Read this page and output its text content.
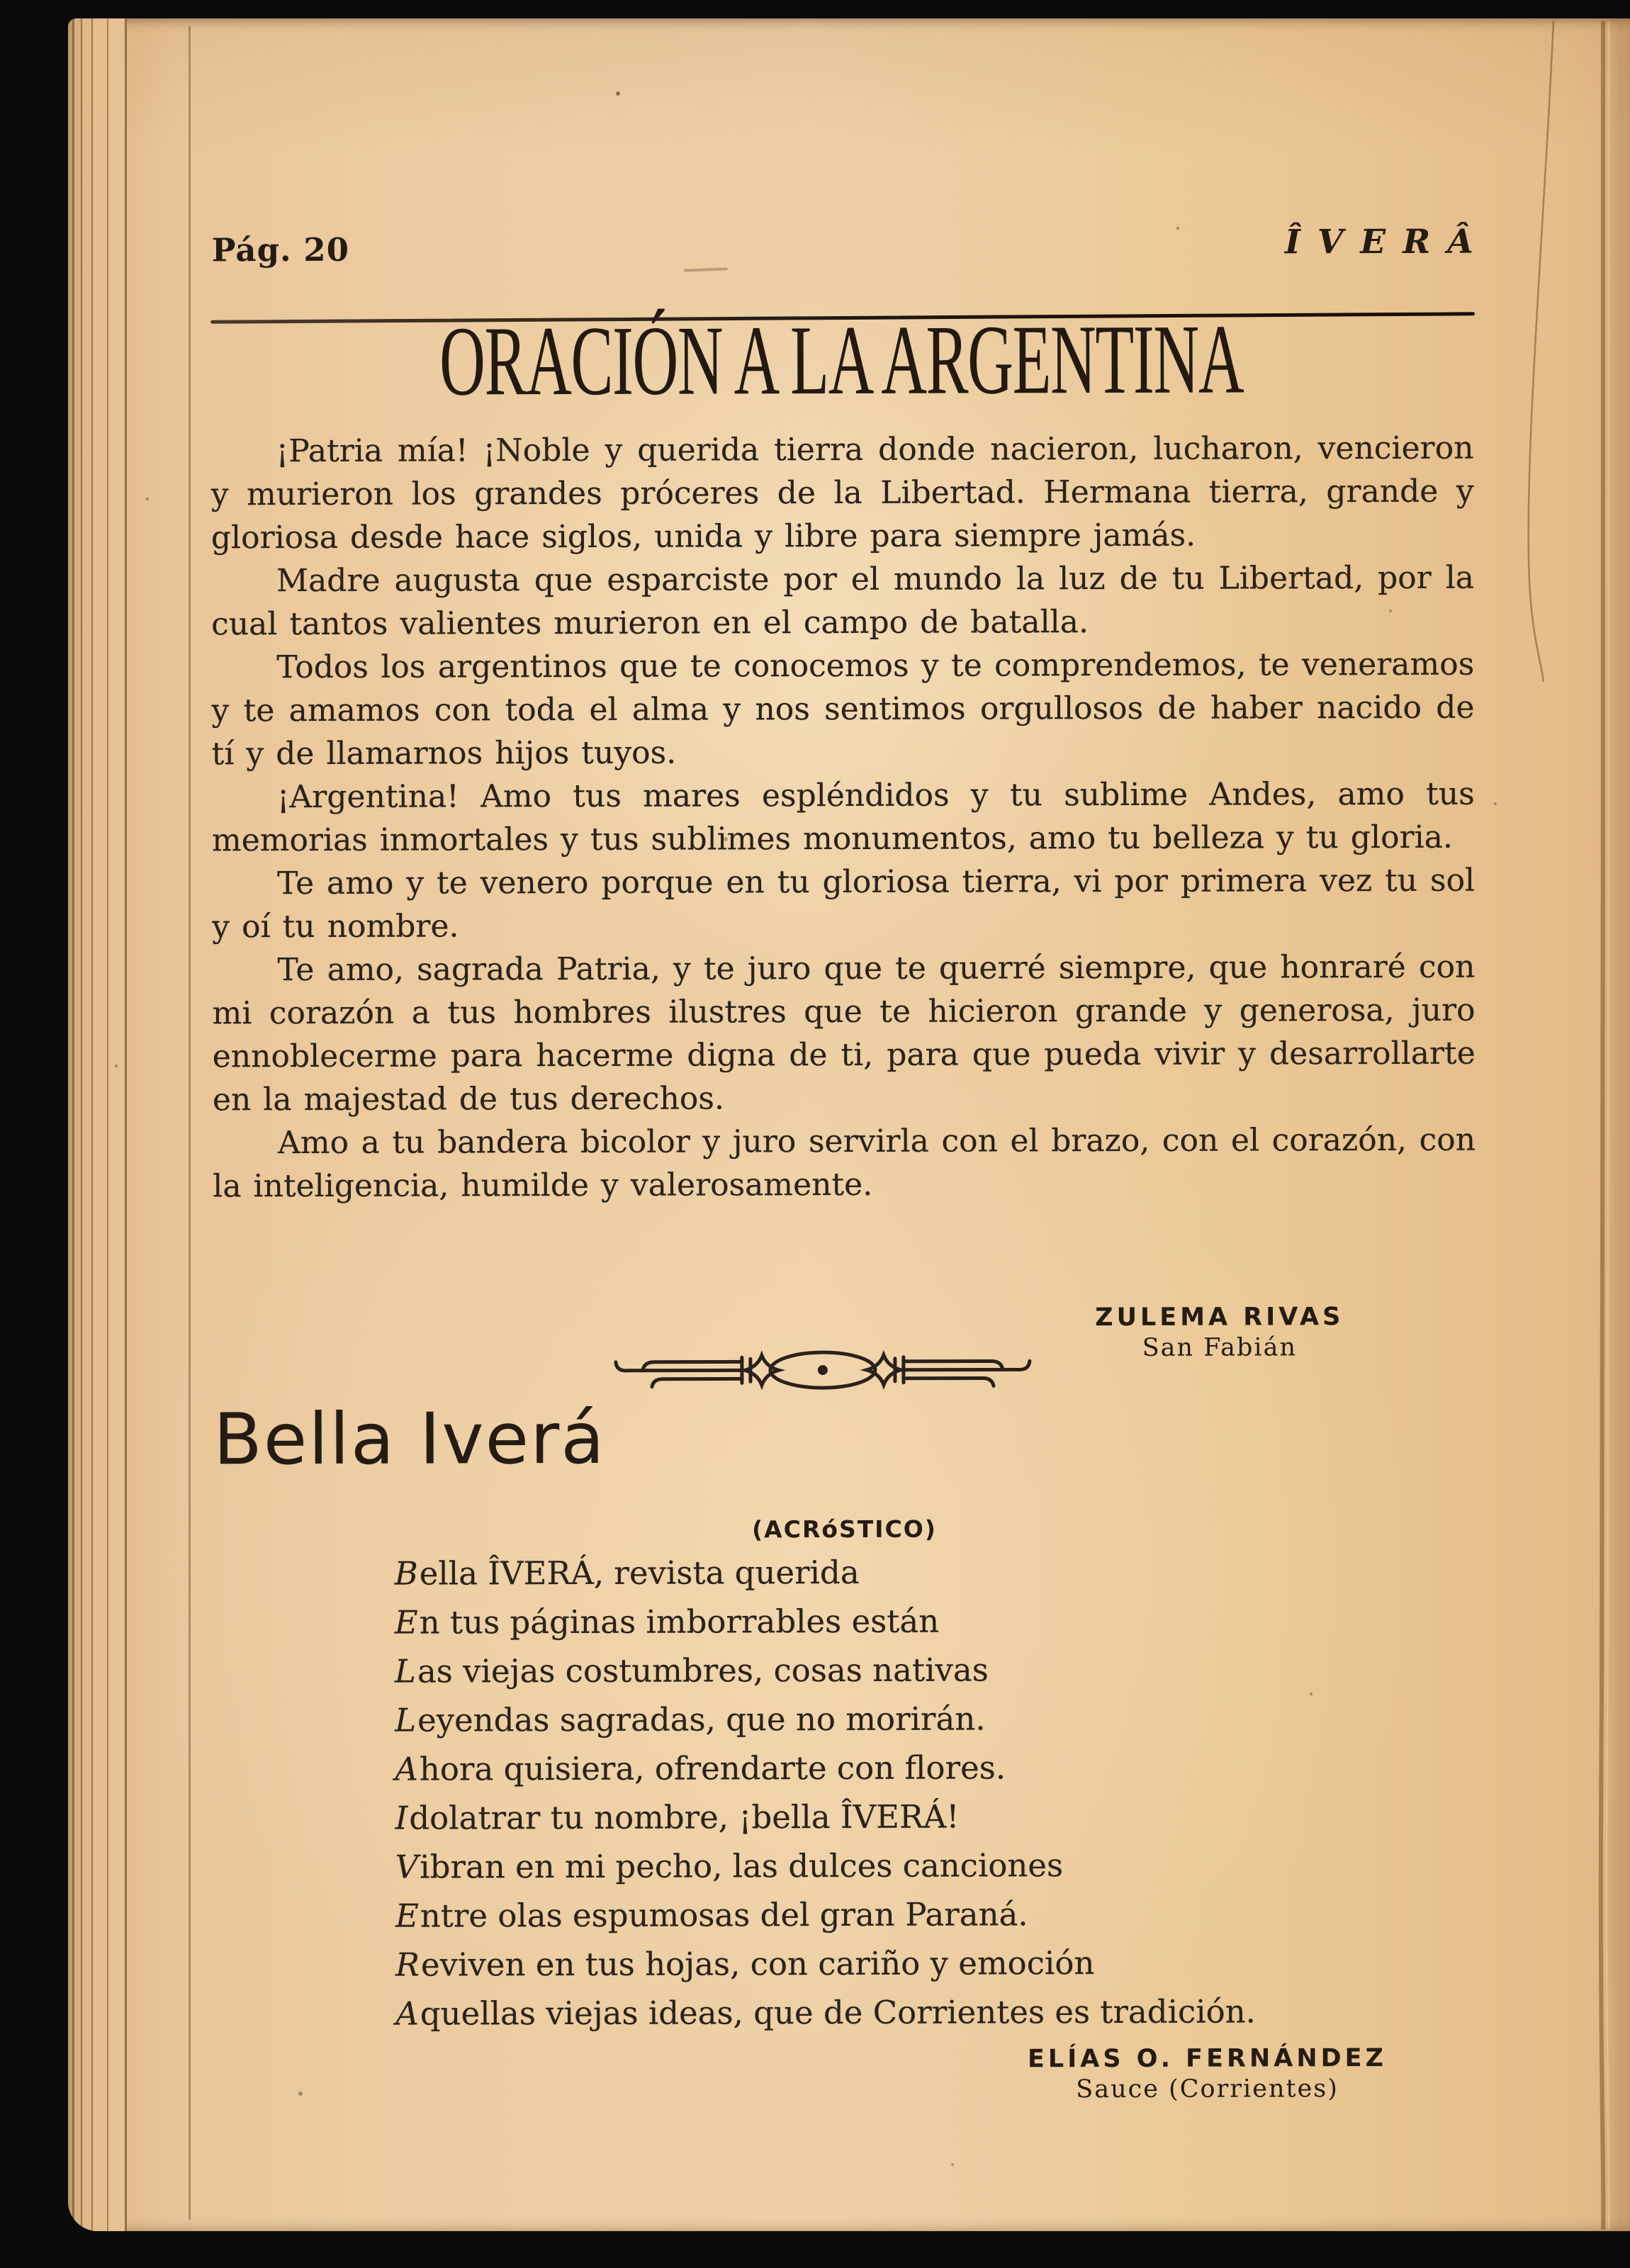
Pág. 20	ÎVERÂ
ORACIÓN A LA ARGENTINA

¡Patria mía! ¡Noble y querida tierra donde nacieron, lucharon, vencieron y murieron los grandes próceres de la Libertad. Hermana tierra, grande y gloriosa desde hace siglos, unida y libre para siempre jamás.

Madre augusta que esparciste por el mundo la luz de tu Libertad, por la cual tantos valientes murieron en el campo de batalla.

Todos los argentinos que te conocemos y te comprendemos, te veneramos y te amamos con toda el alma y nos sentimos orgullosos de haber nacido de tí y de llamarnos hijos tuyos.

¡Argentina! Amo tus mares espléndidos y tu sublime Andes, amo tus memorias inmortales y tus sublimes monumentos, amo tu belleza y tu gloria.

Te amo y te venero porque en tu gloriosa tierra, vi por primera vez tu sol y oí tu nombre.

Te amo, sagrada Patria, y te juro que te querré siempre, que honraré con mi corazón a tus hombres ilustres que te hicieron grande y generosa, juro ennoblecerme para hacerme digna de ti, para que pueda vivir y desarrollarte en la majestad de tus derechos.

Amo a tu bandera bicolor y juro servirla con el brazo, con el corazón, con la inteligencia, humilde y valerosamente.

ZULEMA RIVAS
San Fabián
Bella Iverá
(ACRóSTICO)
Bella ÎVERÁ, revista querida
En tus páginas imborrables están
Las viejas costumbres, cosas nativas
Leyendas sagradas, que no morirán.
Ahora quisiera, ofrendarte con flores.
Idolatrar tu nombre, ¡bella ÎVERÁ!
Vibran en mi pecho, las dulces canciones
Entre olas espumosas del gran Paraná.
Reviven en tus hojas, con cariño y emoción
Aquellas viejas ideas, que de Corrientes es tradición.
ELÍAS O. FERNÁNDEZ
Sauce (Corrientes)
